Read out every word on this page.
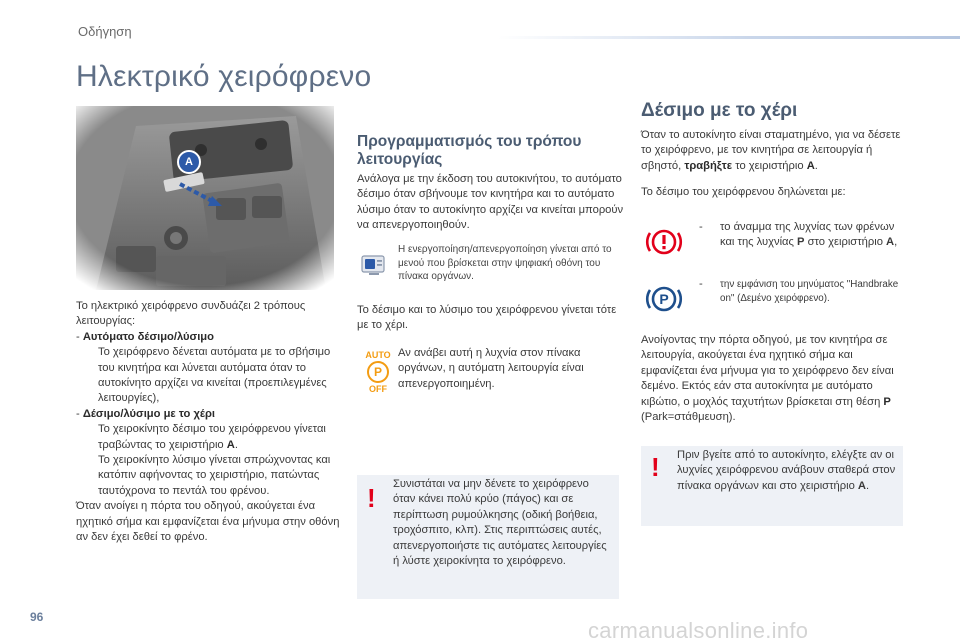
Οδήγηση
Ηλεκτρικό χειρόφρενο
A
Το ηλεκτρικό χειρόφρενο συνδυάζει 2 τρόπους λειτουργίας:
- Αυτόματο δέσιμο/λύσιμο
Το χειρόφρενο δένεται αυτόματα με το σβήσιμο του κινητήρα και λύνεται αυτόματα όταν το αυτοκίνητο αρχίζει να κινείται (προεπιλεγμένες λειτουργίες),
- Δέσιμο/λύσιμο με το χέρι
Το χειροκίνητο δέσιμο του χειρόφρενου γίνεται τραβώντας το χειριστήριο A.
Το χειροκίνητο λύσιμο γίνεται σπρώχνοντας και κατόπιν αφήνοντας το χειριστήριο, πατώντας ταυτόχρονα το πεντάλ του φρένου.
Όταν ανοίγει η πόρτα του οδηγού, ακούγεται ένα ηχητικό σήμα και εμφανίζεται ένα μήνυμα στην οθόνη αν δεν έχει δεθεί το φρένο.
Προγραμματισμός του τρόπου λειτουργίας
Ανάλογα με την έκδοση του αυτοκινήτου, το αυτόματο δέσιμο όταν σβήνουμε τον κινητήρα και το αυτόματο λύσιμο όταν το αυτοκίνητο αρχίζει να κινείται μπορούν να απενεργοποιηθούν.
Η ενεργοποίηση/απενεργοποίηση γίνεται από το μενού που βρίσκεται στην ψηφιακή οθόνη του πίνακα οργάνων.
Το δέσιμο και το λύσιμο του χειρόφρενου γίνεται τότε με το χέρι.
AUTO
P
OFF
Αν ανάβει αυτή η λυχνία στον πίνακα οργάνων, η αυτόματη λειτουργία είναι απενεργοποιημένη.
! Συνιστάται να μην δένετε το χειρόφρενο όταν κάνει πολύ κρύο (πάγος) και σε περίπτωση ρυμούλκησης (οδική βοήθεια, τροχόσπιτο, κλπ). Στις περιπτώσεις αυτές, απενεργοποιήστε τις αυτόματες λειτουργίες ή λύστε χειροκίνητα το χειρόφρενο.
Δέσιμο με το χέρι
Όταν το αυτοκίνητο είναι σταματημένο, για να δέσετε το χειρόφρενο, με τον κινητήρα σε λειτουργία ή σβηστό, τραβήξτε το χειριστήριο A.
Το δέσιμο του χειρόφρενου δηλώνεται με:
-	το άναμμα της λυχνίας των φρένων και της λυχνίας P στο χειριστήριο A,
P
-	την εμφάνιση του μηνύματος "Handbrake on" (Δεμένο χειρόφρενο).
Ανοίγοντας την πόρτα οδηγού, με τον κινητήρα σε λειτουργία, ακούγεται ένα ηχητικό σήμα και εμφανίζεται ένα μήνυμα για το χειρόφρενο δεν είναι δεμένο. Εκτός εάν στα αυτοκίνητα με αυτόματο κιβώτιο, ο μοχλός ταχυτήτων βρίσκεται στη θέση P (Park=στάθμευση).
! Πριν βγείτε από το αυτοκίνητο, ελέγξτε αν οι λυχνίες χειρόφρενου ανάβουν σταθερά στον πίνακα οργάνων και στο χειριστήριο A.
96
carmanualsonline.info
